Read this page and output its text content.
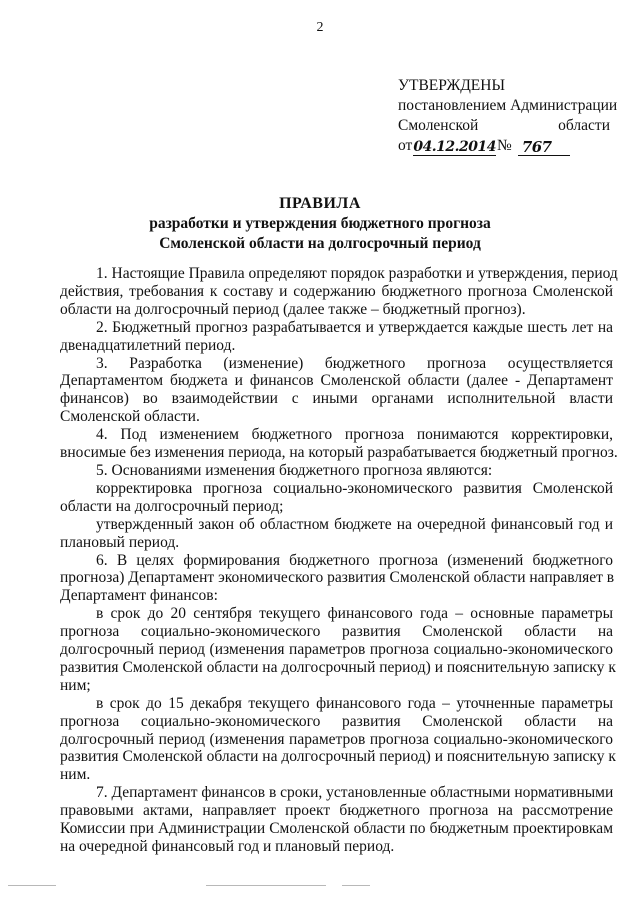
2
УТВЕРЖДЕНЫ
постановлением Администрации
Смоленской	области
от 04.12.2014 № 767
ПРАВИЛА
разработки и утверждения бюджетного прогноза
Смоленской области на долгосрочный период
1. Настоящие Правила определяют порядок разработки и утверждения, период
действия, требования к составу и содержанию бюджетного прогноза Смоленской
области на долгосрочный период (далее также – бюджетный прогноз).
2. Бюджетный прогноз разрабатывается и утверждается каждые шесть лет на
двенадцатилетний период.
3. Разработка (изменение) бюджетного прогноза осуществляется
Департаментом бюджета и финансов Смоленской области (далее - Департамент
финансов) во взаимодействии с иными органами исполнительной власти
Смоленской области.
4. Под изменением бюджетного прогноза понимаются корректировки,
вносимые без изменения периода, на который разрабатывается бюджетный прогноз.
5. Основаниями изменения бюджетного прогноза являются:
корректировка прогноза социально-экономического развития Смоленской
области на долгосрочный период;
утвержденный закон об областном бюджете на очередной финансовый год и
плановый период.
6. В целях формирования бюджетного прогноза (изменений бюджетного
прогноза) Департамент экономического развития Смоленской области направляет в
Департамент финансов:
в срок до 20 сентября текущего финансового года – основные параметры
прогноза социально-экономического развития Смоленской области на
долгосрочный период (изменения параметров прогноза социально-экономического
развития Смоленской области на долгосрочный период) и пояснительную записку к
ним;
в срок до 15 декабря текущего финансового года – уточненные параметры
прогноза социально-экономического развития Смоленской области на
долгосрочный период (изменения параметров прогноза социально-экономического
развития Смоленской области на долгосрочный период) и пояснительную записку к
ним.
7. Департамент финансов в сроки, установленные областными нормативными
правовыми актами, направляет проект бюджетного прогноза на рассмотрение
Комиссии при Администрации Смоленской области по бюджетным проектировкам
на очередной финансовый год и плановый период.
